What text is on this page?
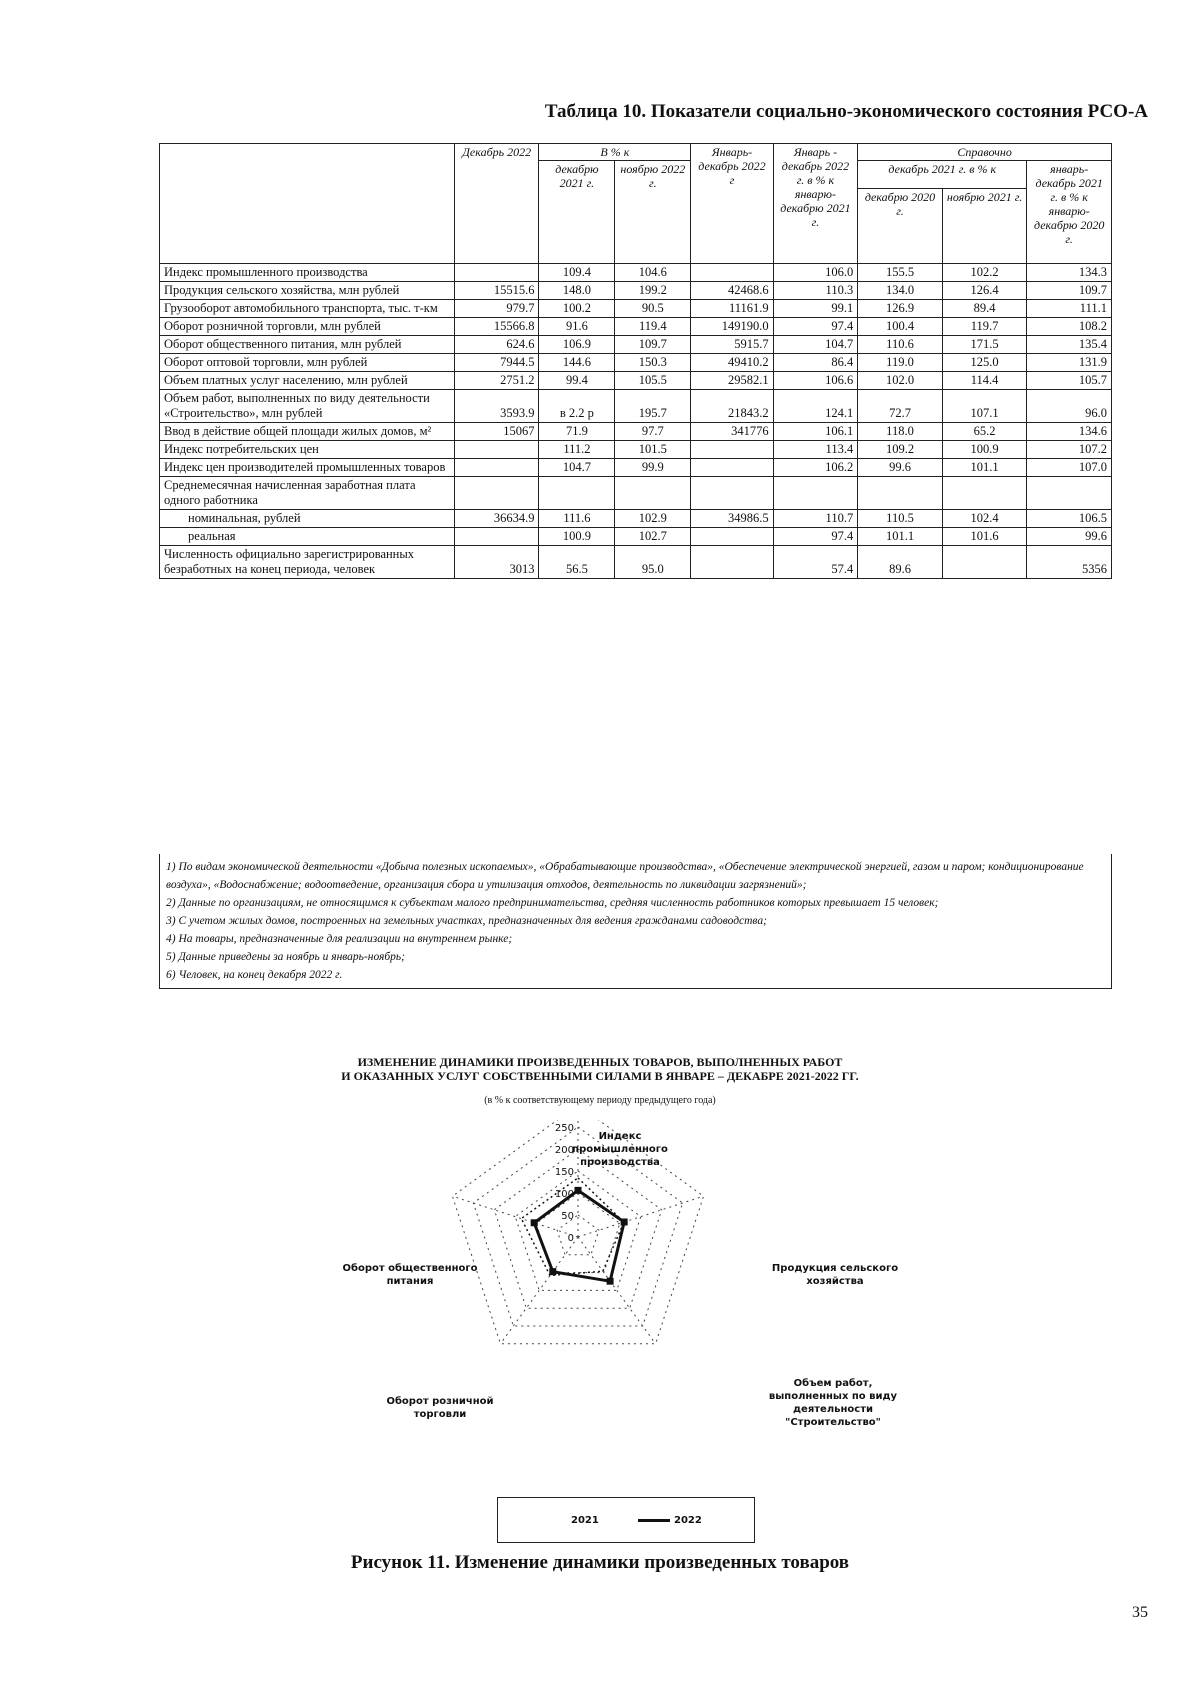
Таблица 10. Показатели социально-экономического состояния РСО-А
	Декабрь 2022	В % к		Январь-декабрь 2022 г	Январь - декабрь 2022 г. в % к январю-декабрю 2021 г.	Справочно		
		декабрю 2021 г.	ноябрю 2022 г.			декабрь 2021 г. в % к		январь-декабрь 2021 г. в % к январю-декабрю 2020 г.
						декабрю 2020 г.	ноябрю 2021 г.	
Индекс промышленного производства		109.4	104.6		106.0	155.5	102.2	134.3
Продукция сельского хозяйства, млн рублей	15515.6	148.0	199.2	42468.6	110.3	134.0	126.4	109.7
Грузооборот автомобильного транспорта, тыс. т-км	979.7	100.2	90.5	11161.9	99.1	126.9	89.4	111.1
Оборот розничной торговли, млн рублей	15566.8	91.6	119.4	149190.0	97.4	100.4	119.7	108.2
Оборот общественного питания, млн рублей	624.6	106.9	109.7	5915.7	104.7	110.6	171.5	135.4
Оборот оптовой торговли, млн рублей	7944.5	144.6	150.3	49410.2	86.4	119.0	125.0	131.9
Объем платных услуг населению, млн рублей	2751.2	99.4	105.5	29582.1	106.6	102.0	114.4	105.7
Объем работ, выполненных по виду деятельности «Строительство», млн рублей	3593.9	в 2.2 р	195.7	21843.2	124.1	72.7	107.1	96.0
Ввод в действие общей площади жилых домов, м²	15067	71.9	97.7	341776	106.1	118.0	65.2	134.6
Индекс потребительских цен		111.2	101.5		113.4	109.2	100.9	107.2
Индекс цен производителей промышленных товаров		104.7	99.9		106.2	99.6	101.1	107.0
Среднемесячная начисленная заработная плата одного работника								
номинальная, рублей	36634.9	111.6	102.9	34986.5	110.7	110.5	102.4	106.5
реальная		100.9	102.7		97.4	101.1	101.6	99.6
Численность официально зарегистрированных безработных на конец периода, человек	3013	56.5	95.0		57.4	89.6		5356
1) По видам экономической деятельности «Добыча полезных ископаемых», «Обрабатывающие производства», «Обеспечение электрической энергией, газом и паром; кондиционирование воздуха», «Водоснабжение; водоотведение, организация сбора и утилизация отходов, деятельность по ликвидации загрязнений»;
2) Данные по организациям, не относящимся к субъектам малого предпринимательства, средняя численность работников которых превышает 15 человек;
3) С учетом жилых домов, построенных на земельных участках, предназначенных для ведения гражданами садоводства;
4) На товары, предназначенные для реализации на внутреннем рынке;
5) Данные приведены за ноябрь и январь-ноябрь;
6) Человек, на конец декабря 2022 г.
ИЗМЕНЕНИЕ ДИНАМИКИ ПРОИЗВЕДЕННЫХ ТОВАРОВ, ВЫПОЛНЕННЫХ РАБОТ
И ОКАЗАННЫХ УСЛУГ СОБСТВЕННЫМИ СИЛАМИ В ЯНВАРЕ – ДЕКАБРЕ 2021-2022 ГГ.
(в % к соответствующему периоду предыдущего года)
0
50
100
150
200
250
Индекс промышленного производства
Продукция сельского хозяйства
Объем работ, выполненных по виду деятельности "Строительство"
Оборот розничной торговли
Оборот общественного питания
2021	2022
Рисунок 11. Изменение динамики произведенных товаров
35
